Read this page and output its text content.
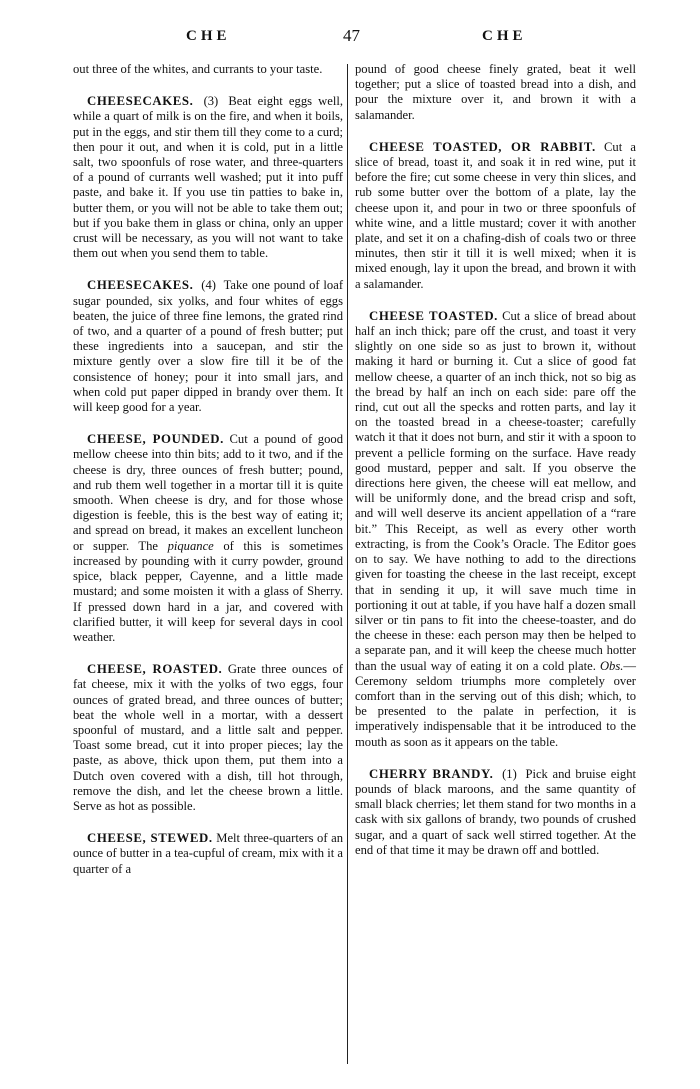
CHE	47	CHE

out three of the whites, and currants to your taste.

CHEESECAKES. (3) Beat eight eggs well, while a quart of milk is on the fire, and when it boils, put in the eggs, and stir them till they come to a curd; then pour it out, and when it is cold, put in a little salt, two spoonfuls of rose water, and three-quarters of a pound of currants well washed; put it into puff paste, and bake it. If you use tin patties to bake in, butter them, or you will not be able to take them out; but if you bake them in glass or china, only an upper crust will be necessary, as you will not want to take them out when you send them to table.

CHEESECAKES. (4) Take one pound of loaf sugar pounded, six yolks, and four whites of eggs beaten, the juice of three fine lemons, the grated rind of two, and a quarter of a pound of fresh butter; put these ingredients into a saucepan, and stir the mixture gently over a slow fire till it be of the consistence of honey; pour it into small jars, and when cold put paper dipped in brandy over them. It will keep good for a year.

CHEESE, POUNDED. Cut a pound of good mellow cheese into thin bits; add to it two, and if the cheese is dry, three ounces of fresh butter; pound, and rub them well together in a mortar till it is quite smooth. When cheese is dry, and for those whose digestion is feeble, this is the best way of eating it; and spread on bread, it makes an excellent luncheon or supper. The piquance of this is sometimes increased by pounding with it curry powder, ground spice, black pepper, Cayenne, and a little made mustard; and some moisten it with a glass of Sherry. If pressed down hard in a jar, and covered with clarified butter, it will keep for several days in cool weather.

CHEESE, ROASTED. Grate three ounces of fat cheese, mix it with the yolks of two eggs, four ounces of grated bread, and three ounces of butter; beat the whole well in a mortar, with a dessert spoonful of mustard, and a little salt and pepper. Toast some bread, cut it into proper pieces; lay the paste, as above, thick upon them, put them into a Dutch oven covered with a dish, till hot through, remove the dish, and let the cheese brown a little. Serve as hot as possible.

CHEESE, STEWED. Melt three-quarters of an ounce of butter in a tea-cupful of cream, mix with it a quarter of a

pound of good cheese finely grated, beat it well together; put a slice of toasted bread into a dish, and pour the mixture over it, and brown it with a salamander.

CHEESE TOASTED, OR RABBIT. Cut a slice of bread, toast it, and soak it in red wine, put it before the fire; cut some cheese in very thin slices, and rub some butter over the bottom of a plate, lay the cheese upon it, and pour in two or three spoonfuls of white wine, and a little mustard; cover it with another plate, and set it on a chafing-dish of coals two or three minutes, then stir it till it is well mixed; when it is mixed enough, lay it upon the bread, and brown it with a salamander.

CHEESE TOASTED. Cut a slice of bread about half an inch thick; pare off the crust, and toast it very slightly on one side so as just to brown it, without making it hard or burning it. Cut a slice of good fat mellow cheese, a quarter of an inch thick, not so big as the bread by half an inch on each side: pare off the rind, cut out all the specks and rotten parts, and lay it on the toasted bread in a cheese-toaster; carefully watch it that it does not burn, and stir it with a spoon to prevent a pellicle forming on the surface. Have ready good mustard, pepper and salt. If you observe the directions here given, the cheese will eat mellow, and will be uniformly done, and the bread crisp and soft, and will well deserve its ancient appellation of a “rare bit.” This Receipt, as well as every other worth extracting, is from the Cook’s Oracle. The Editor goes on to say. We have nothing to add to the directions given for toasting the cheese in the last receipt, except that in sending it up, it will save much time in portioning it out at table, if you have half a dozen small silver or tin pans to fit into the cheese-toaster, and do the cheese in these: each person may then be helped to a separate pan, and it will keep the cheese much hotter than the usual way of eating it on a cold plate. Obs.—Ceremony seldom triumphs more completely over comfort than in the serving out of this dish; which, to be presented to the palate in perfection, it is imperatively indispensable that it be introduced to the mouth as soon as it appears on the table.

CHERRY BRANDY. (1) Pick and bruise eight pounds of black maroons, and the same quantity of small black cherries; let them stand for two months in a cask with six gallons of brandy, two pounds of crushed sugar, and a quart of sack well stirred together. At the end of that time it may be drawn off and bottled.
